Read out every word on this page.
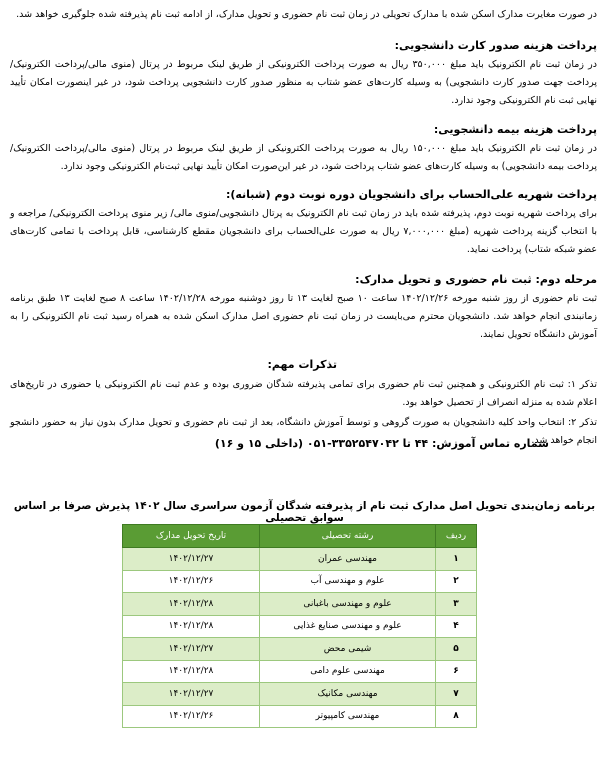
در صورت مغایرت مدارک اسکن شده با مدارک تحویلی در زمان ثبت نام حضوری و تحویل مدارک، از ادامه ثبت نام پذیرفته شده جلوگیری خواهد شد.
پرداخت هزینه صدور کارت دانشجویی:
در زمان ثبت نام الکترونیک باید مبلغ ۳۵۰,۰۰۰ ریال به صورت پرداخت الکترونیکی از طریق لینک مربوط در پرتال (منوی مالی/پرداخت الکترونیک/پرداخت جهت صدور کارت دانشجویی) به وسیله کارت‌های عضو شتاب به منظور صدور کارت دانشجویی پرداخت شود، در غیر اینصورت امکان تأیید نهایی ثبت نام الکترونیکی وجود ندارد.
پرداخت هزینه بیمه دانشجویی:
در زمان ثبت نام الکترونیک باید مبلغ ۱۵۰,۰۰۰ ریال به صورت پرداخت الکترونیکی از طریق لینک مربوط در پرتال (منوی مالی/پرداخت الکترونیک/پرداخت بیمه دانشجویی) به وسیله کارت‌های عضو شتاب پرداخت شود، در غیر این‌صورت امکان تأیید نهایی ثبت‌نام الکترونیکی وجود ندارد.
پرداخت شهریه علی‌الحساب برای دانشجویان دوره نوبت دوم (شبانه):
برای پرداخت شهریه نوبت دوم، پذیرفته شده باید در زمان ثبت نام الکترونیک به پرتال دانشجویی/منوی مالی/ زیر منوی پرداخت الکترونیکی/ مراجعه و با انتخاب گزینه پرداخت شهریه (مبلغ ۷,۰۰۰,۰۰۰ ریال به صورت علی‌الحساب برای دانشجویان مقطع کارشناسی، قابل پرداخت با تمامی کارت‌های عضو شبکه شتاب) پرداخت نماید.
مرحله دوم: ثبت نام حضوری و تحویل مدارک:
ثبت نام حضوری از روز شنبه مورخه ۱۴۰۲/۱۲/۲۶ ساعت ۱۰ صبح لغایت ۱۳ تا روز دوشنبه مورخه ۱۴۰۲/۱۲/۲۸ ساعت ۸ صبح لغایت ۱۳ طبق برنامه زمانبندی انجام خواهد شد. دانشجویان محترم می‌بایست در زمان ثبت نام حضوری اصل مدارک اسکن شده به همراه رسید ثبت نام الکترونیکی را به آموزش دانشگاه تحویل نمایند.
تذکرات مهم:
تذکر ۱: ثبت نام الکترونیکی و همچنین ثبت نام حضوری برای تمامی پذیرفته شدگان ضروری بوده و عدم ثبت نام الکترونیکی یا حضوری در تاریخ‌های اعلام شده به منزله انصراف از تحصیل خواهد بود.
تذکر ۲: انتخاب واحد کلیه دانشجویان به صورت گروهی و توسط آموزش دانشگاه، بعد از ثبت نام حضوری و تحویل مدارک بدون نیاز به حضور دانشجو انجام خواهد شد.
شماره تماس آموزش: ۴۴ تا ۳۳۵۲۵۴۷۰۴۲-۰۵۱ (داخلی ۱۵ و ۱۶)
برنامه زمان‌بندی تحویل اصل مدارک ثبت نام از پذیرفته شدگان آزمون سراسری سال ۱۴۰۲ پذیرش صرفا بر اساس سوابق تحصیلی
ردیف	رشته تحصیلی	تاریخ تحویل مدارک
۱	مهندسی عمران	۱۴۰۲/۱۲/۲۷
۲	علوم و مهندسی آب	۱۴۰۲/۱۲/۲۶
۳	علوم و مهندسی باغبانی	۱۴۰۲/۱۲/۲۸
۴	علوم و مهندسی صنایع غذایی	۱۴۰۲/۱۲/۲۸
۵	شیمی محض	۱۴۰۲/۱۲/۲۷
۶	مهندسی علوم دامی	۱۴۰۲/۱۲/۲۸
۷	مهندسی مکانیک	۱۴۰۲/۱۲/۲۷
۸	مهندسی کامپیوتر	۱۴۰۲/۱۲/۲۶
